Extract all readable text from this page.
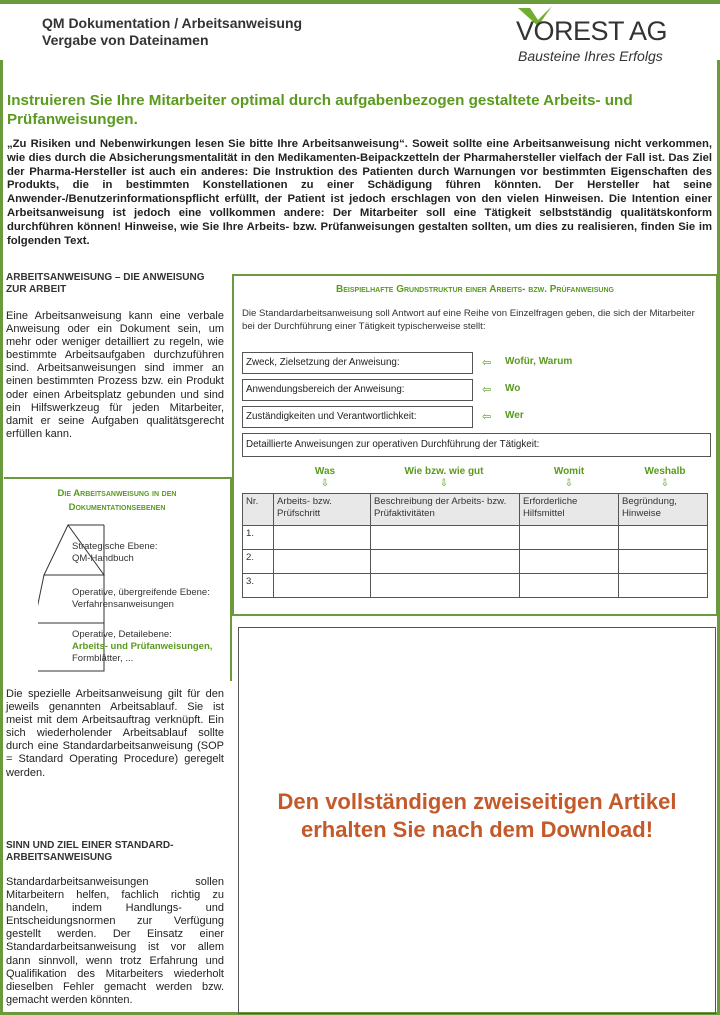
QM Dokumentation / Arbeitsanweisung
Vergabe von Dateinamen	VOREST AG
Bausteine Ihres Erfolgs
Instruieren Sie Ihre Mitarbeiter optimal durch aufgabenbezogen gestaltete Arbeits- und Prüfanweisungen.
„Zu Risiken und Nebenwirkungen lesen Sie bitte Ihre Arbeitsanweisung“. Soweit sollte eine Arbeitsanweisung nicht verkommen, wie dies durch die Absicherungsmentalität in den Medikamenten-Beipackzetteln der Pharmahersteller vielfach der Fall ist. Das Ziel der Pharma-Hersteller ist auch ein anderes: Die Instruktion des Patienten durch Warnungen vor bestimmten Eigenschaften des Produkts, die in bestimmten Konstellationen zu einer Schädigung führen könnten. Der Hersteller hat seine Anwender-/Benutzerinformationspflicht erfüllt, der Patient ist jedoch erschlagen von den vielen Hinweisen. Die Intention einer Arbeitsanweisung ist jedoch eine vollkommen andere: Der Mitarbeiter soll eine Tätigkeit selbstständig qualitätskonform durchführen können! Hinweise, wie Sie Ihre Arbeits- bzw. Prüfanweisungen gestalten sollten, um dies zu realisieren, finden Sie im folgenden Text.
ARBEITSANWEISUNG – DIE ANWEISUNG ZUR ARBEIT
Eine Arbeitsanweisung kann eine verbale Anweisung oder ein Dokument sein, um mehr oder weniger detailliert zu regeln, wie bestimmte Arbeitsaufgaben durchzuführen sind. Arbeitsanweisungen sind immer an einen bestimmten Prozess bzw. ein Produkt oder einen Arbeitsplatz gebunden und sind ein Hilfswerkzeug für jeden Mitarbeiter, damit er seine Aufgaben qualitätsgerecht erfüllen kann.
Die Arbeitsanweisung in den
Dokumentationsebenen
Strategische Ebene:
QM-Handbuch
Operative, übergreifende Ebene:
Verfahrensanweisungen
Operative, Detailebene:
Arbeits- und Prüfanweisungen,
Formblätter, ...
Die spezielle Arbeitsanweisung gilt für den jeweils genannten Arbeitsablauf. Sie ist meist mit dem Arbeitsauftrag verknüpft. Ein sich wiederholender Arbeitsablauf sollte durch eine Standardarbeitsanweisung (SOP = Standard Operating Procedure) geregelt werden.
SINN UND ZIEL EINER STANDARD-ARBEITSANWEISUNG
Standardarbeitsanweisungen sollen Mitarbeitern helfen, fachlich richtig zu handeln, indem Handlungs- und Entscheidungsnormen zur Verfügung gestellt werden. Der Einsatz einer Standardarbeitsanweisung ist vor allem dann sinnvoll, wenn trotz Erfahrung und Qualifikation des Mitarbeiters wiederholt dieselben Fehler gemacht werden bzw. gemacht werden könnten.
Beispielhafte Grundstruktur einer Arbeits- bzw. Prüfanweisung
Die Standardarbeitsanweisung soll Antwort auf eine Reihe von Einzelfragen geben, die sich der Mitarbeiter bei der Durchführung einer Tätigkeit typischerweise stellt:
Zweck, Zielsetzung der Anweisung:	⇦ Wofür, Warum
Anwendungsbereich der Anweisung:	⇦ Wo
Zuständigkeiten und Verantwortlichkeit:	⇦ Wer
Detaillierte Anweisungen zur operativen Durchführung der Tätigkeit:
Was	Wie bzw. wie gut	Womit	Weshalb
⇩	⇩	⇩	⇩
Nr.	Arbeits- bzw. Prüfschritt	Beschreibung der Arbeits- bzw. Prüfaktivitäten	Erforderliche Hilfsmittel	Begründung, Hinweise
1.				
2.				
3.				
Den vollständigen zweiseitigen Artikel
erhalten Sie nach dem Download!
